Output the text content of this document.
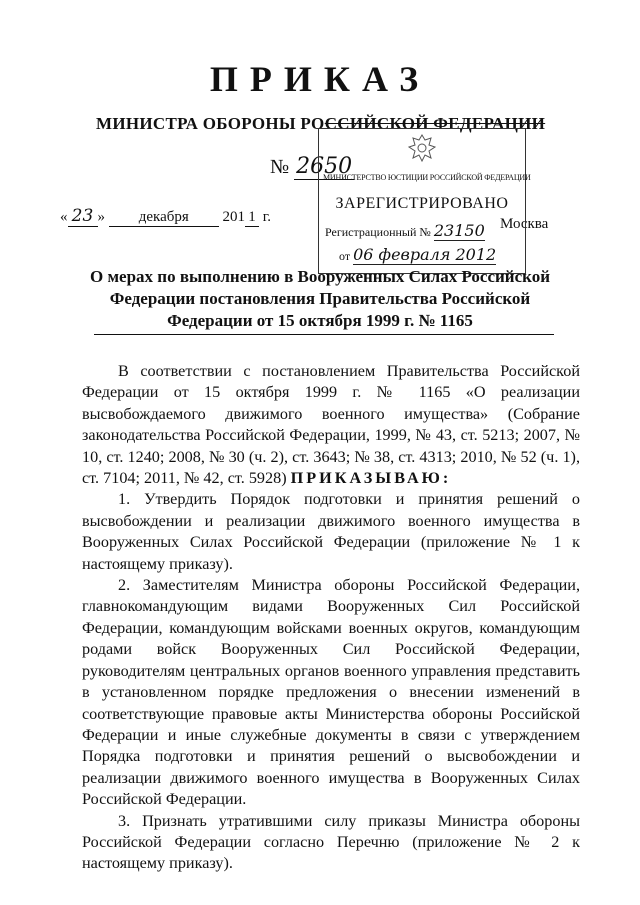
ПРИКАЗ
МИНИСТРА ОБОРОНЫ РОССИЙСКОЙ ФЕДЕРАЦИИ
№ 2650
« 23 » декабря 201 1 г.	Москва
МИНИСТЕРСТВО ЮСТИЦИИ РОССИЙСКОЙ ФЕДЕРАЦИИ
ЗАРЕГИСТРИРОВАНО
Регистрационный № 23150
от 06 февраля 2012
О мерах по выполнению в Вооруженных Силах Российской
Федерации постановления Правительства Российской
Федерации от 15 октября 1999 г. № 1165

В соответствии с постановлением Правительства Российской Федерации от 15 октября 1999 г. № 1165 «О реализации высвобождаемого движимого военного имущества» (Собрание законодательства Российской Федерации, 1999, № 43, ст. 5213; 2007, № 10, ст. 1240; 2008, № 30 (ч. 2), ст. 3643; № 38, ст. 4313; 2010, № 52 (ч. 1), ст. 7104; 2011, № 42, ст. 5928) ПРИКАЗЫВАЮ:

1. Утвердить Порядок подготовки и принятия решений о высвобождении и реализации движимого военного имущества в Вооруженных Силах Российской Федерации (приложение № 1 к настоящему приказу).

2. Заместителям Министра обороны Российской Федерации, главнокомандующим видами Вооруженных Сил Российской Федерации, командующим войсками военных округов, командующим родами войск Вооруженных Сил Российской Федерации, руководителям центральных органов военного управления представить в установленном порядке предложения о внесении изменений в соответствующие правовые акты Министерства обороны Российской Федерации и иные служебные документы в связи с утверждением Порядка подготовки и принятия решений о высвобождении и реализации движимого военного имущества в Вооруженных Силах Российской Федерации.

3. Признать утратившими силу приказы Министра обороны Российской Федерации согласно Перечню (приложение № 2 к настоящему приказу).
